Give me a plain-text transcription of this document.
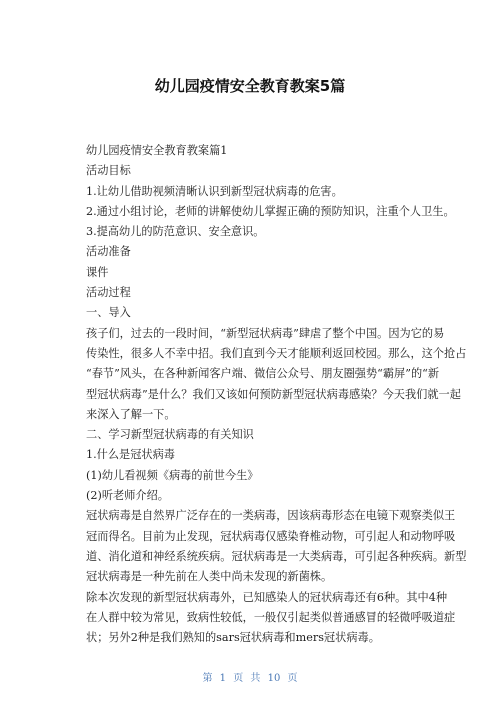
幼儿园疫情安全教育教案5篇
幼儿园疫情安全教育教案篇1
活动目标
1.让幼儿借助视频清晰认识到新型冠状病毒的危害。
2.通过小组讨论，老师的讲解使幼儿掌握正确的预防知识，注重个人卫生。
3.提高幼儿的防范意识、安全意识。
活动准备
课件
活动过程
一、导入
孩子们，过去的一段时间，“新型冠状病毒”肆虐了整个中国。因为它的易
传染性，很多人不幸中招。我们直到今天才能顺利返回校园。那么，这个抢占
“春节”风头，在各种新闻客户端、微信公众号、朋友圈强势“霸屏”的“新
型冠状病毒”是什么？我们又该如何预防新型冠状病毒感染？今天我们就一起
来深入了解一下。
二、学习新型冠状病毒的有关知识
1.什么是冠状病毒
(1)幼儿看视频《病毒的前世今生》
(2)听老师介绍。
冠状病毒是自然界广泛存在的一类病毒，因该病毒形态在电镜下观察类似王
冠而得名。目前为止发现，冠状病毒仅感染脊椎动物，可引起人和动物呼吸
道、消化道和神经系统疾病。冠状病毒是一大类病毒，可引起各种疾病。新型
冠状病毒是一种先前在人类中尚未发现的新菌株。
除本次发现的新型冠状病毒外，已知感染人的冠状病毒还有6种。其中4种
在人群中较为常见，致病性较低，一般仅引起类似普通感冒的轻微呼吸道症
状；另外2种是我们熟知的sars冠状病毒和mers冠状病毒。
第 1 页 共 10 页
